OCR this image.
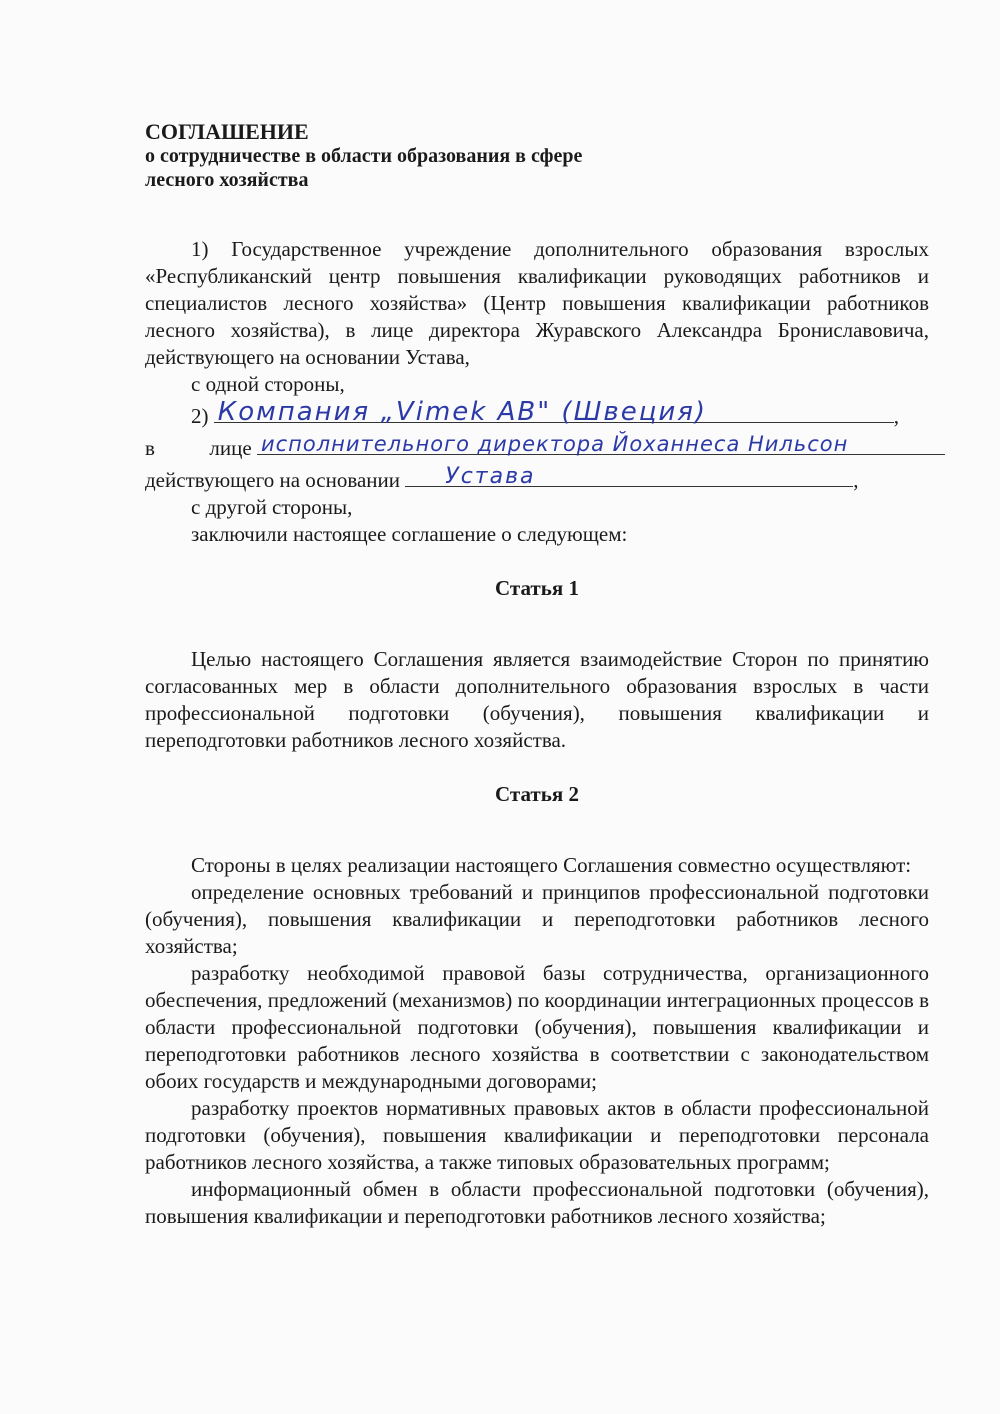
СОГЛАШЕНИЕ
о сотрудничестве в области образования в сфере
лесного хозяйства

1) Государственное учреждение дополнительного образования взрослых «Республиканский центр повышения квалификации руководящих работников и специалистов лесного хозяйства» (Центр повышения квалификации работников лесного хозяйства), в лице директора Журавского Александра Брониславовича, действующего на основании Устава,

с одной стороны,

2) Компания „Vimek AB" (Швеция)	,
в	лице исполнительного директора Йоханнеса Нильсон
действующего на основании Устава	,

с другой стороны,

заключили настоящее соглашение о следующем:

Статья 1

Целью настоящего Соглашения является взаимодействие Сторон по принятию согласованных мер в области дополнительного образования взрослых в части профессиональной подготовки (обучения), повышения квалификации и переподготовки работников лесного хозяйства.

Статья 2

Стороны в целях реализации настоящего Соглашения совместно осуществляют:

определение основных требований и принципов профессиональной подготовки (обучения), повышения квалификации и переподготовки работников лесного хозяйства;

разработку необходимой правовой базы сотрудничества, организационного обеспечения, предложений (механизмов) по координации интеграционных процессов в области профессиональной подготовки (обучения), повышения квалификации и переподготовки работников лесного хозяйства в соответствии с законодательством обоих государств и международными договорами;

разработку проектов нормативных правовых актов в области профессиональной подготовки (обучения), повышения квалификации и переподготовки персонала работников лесного хозяйства, а также типовых образовательных программ;

информационный обмен в области профессиональной подготовки (обучения), повышения квалификации и переподготовки работников лесного хозяйства;
